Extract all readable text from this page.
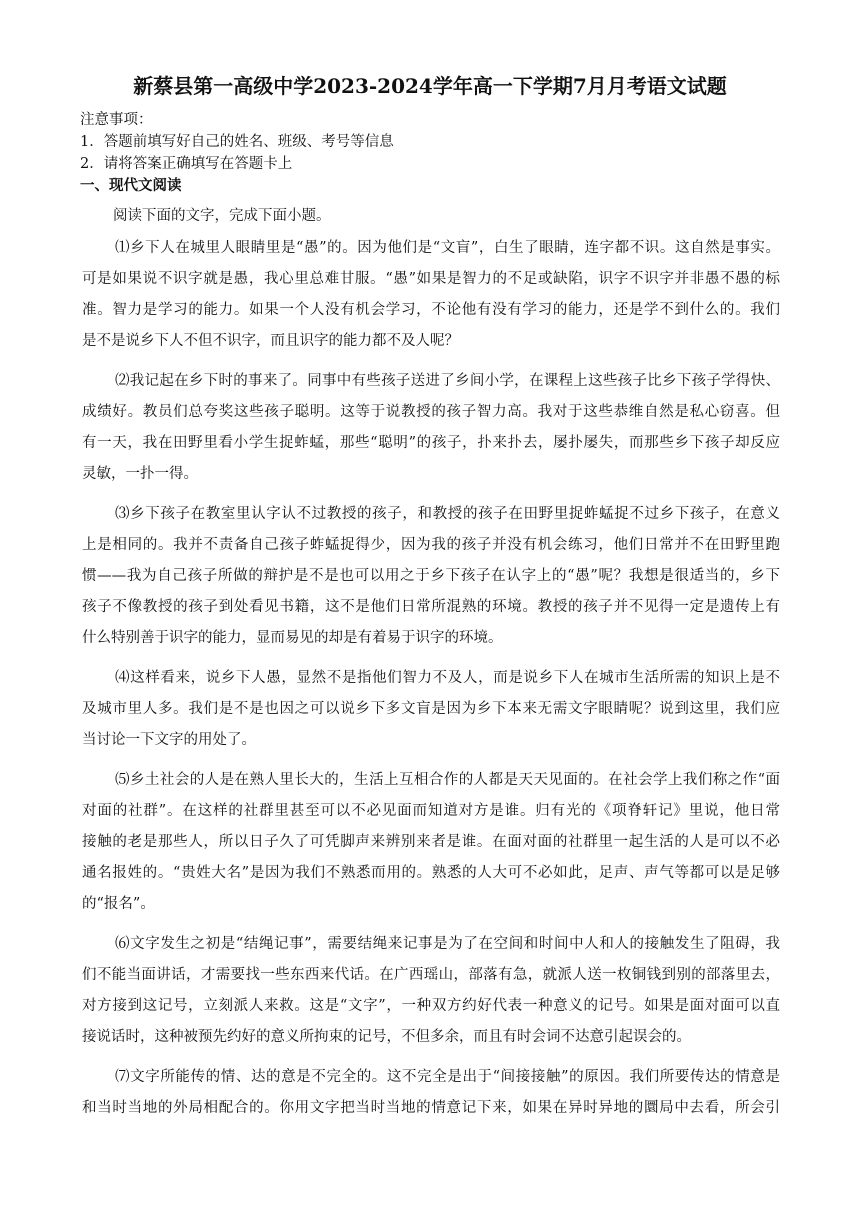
新蔡县第一高级中学2023-2024学年高一下学期7月月考语文试题
注意事项：
1．答题前填写好自己的姓名、班级、考号等信息
2．请将答案正确填写在答题卡上
一、现代文阅读
阅读下面的文字，完成下面小题。
⑴乡下人在城里人眼睛里是“愚”的。因为他们是“文盲”，白生了眼睛，连字都不识。这自然是事实。
可是如果说不识字就是愚，我心里总难甘服。“愚”如果是智力的不足或缺陷，识字不识字并非愚不愚的标
准。智力是学习的能力。如果一个人没有机会学习，不论他有没有学习的能力，还是学不到什么的。我们
是不是说乡下人不但不识字，而且识字的能力都不及人呢？
⑵我记起在乡下时的事来了。同事中有些孩子送进了乡间小学，在课程上这些孩子比乡下孩子学得快、
成绩好。教员们总夸奖这些孩子聪明。这等于说教授的孩子智力高。我对于这些恭维自然是私心窃喜。但
有一天，我在田野里看小学生捉蚱蜢，那些“聪明”的孩子，扑来扑去，屡扑屡失，而那些乡下孩子却反应
灵敏，一扑一得。
⑶乡下孩子在教室里认字认不过教授的孩子，和教授的孩子在田野里捉蚱蜢捉不过乡下孩子，在意义
上是相同的。我并不责备自己孩子蚱蜢捉得少，因为我的孩子并没有机会练习，他们日常并不在田野里跑
惯——我为自己孩子所做的辩护是不是也可以用之于乡下孩子在认字上的“愚”呢？我想是很适当的，乡下
孩子不像教授的孩子到处看见书籍，这不是他们日常所混熟的环境。教授的孩子并不见得一定是遗传上有
什么特别善于识字的能力，显而易见的却是有着易于识字的环境。
⑷这样看来，说乡下人愚，显然不是指他们智力不及人，而是说乡下人在城市生活所需的知识上是不
及城市里人多。我们是不是也因之可以说乡下多文盲是因为乡下本来无需文字眼睛呢？说到这里，我们应
当讨论一下文字的用处了。
⑸乡土社会的人是在熟人里长大的，生活上互相合作的人都是天天见面的。在社会学上我们称之作“面
对面的社群”。在这样的社群里甚至可以不必见面而知道对方是谁。归有光的《项脊轩记》里说，他日常
接触的老是那些人，所以日子久了可凭脚声来辨别来者是谁。在面对面的社群里一起生活的人是可以不必
通名报姓的。“贵姓大名”是因为我们不熟悉而用的。熟悉的人大可不必如此，足声、声气等都可以是足够
的“报名”。
⑹文字发生之初是“结绳记事”，需要结绳来记事是为了在空间和时间中人和人的接触发生了阻碍，我
们不能当面讲话，才需要找一些东西来代话。在广西瑶山，部落有急，就派人送一枚铜钱到别的部落里去，
对方接到这记号，立刻派人来救。这是“文字”，一种双方约好代表一种意义的记号。如果是面对面可以直
接说话时，这种被预先约好的意义所拘束的记号，不但多余，而且有时会词不达意引起误会的。
⑺文字所能传的情、达的意是不完全的。这不完全是出于“间接接触”的原因。我们所要传达的情意是
和当时当地的外局相配合的。你用文字把当时当地的情意记下来，如果在异时异地的圜局中去看，所会引
